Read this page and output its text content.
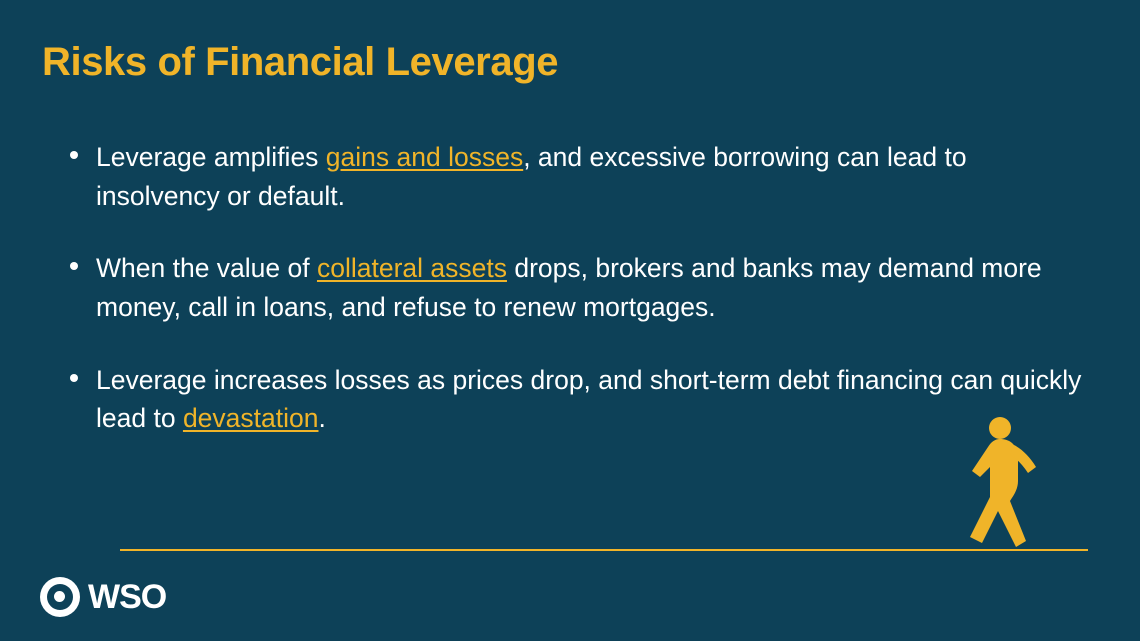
Risks of Financial Leverage
Leverage amplifies gains and losses, and excessive borrowing can lead to insolvency or default.
When the value of collateral assets drops, brokers and banks may demand more money, call in loans, and refuse to renew mortgages.
Leverage increases losses as prices drop, and short-term debt financing can quickly lead to devastation.
WSO
